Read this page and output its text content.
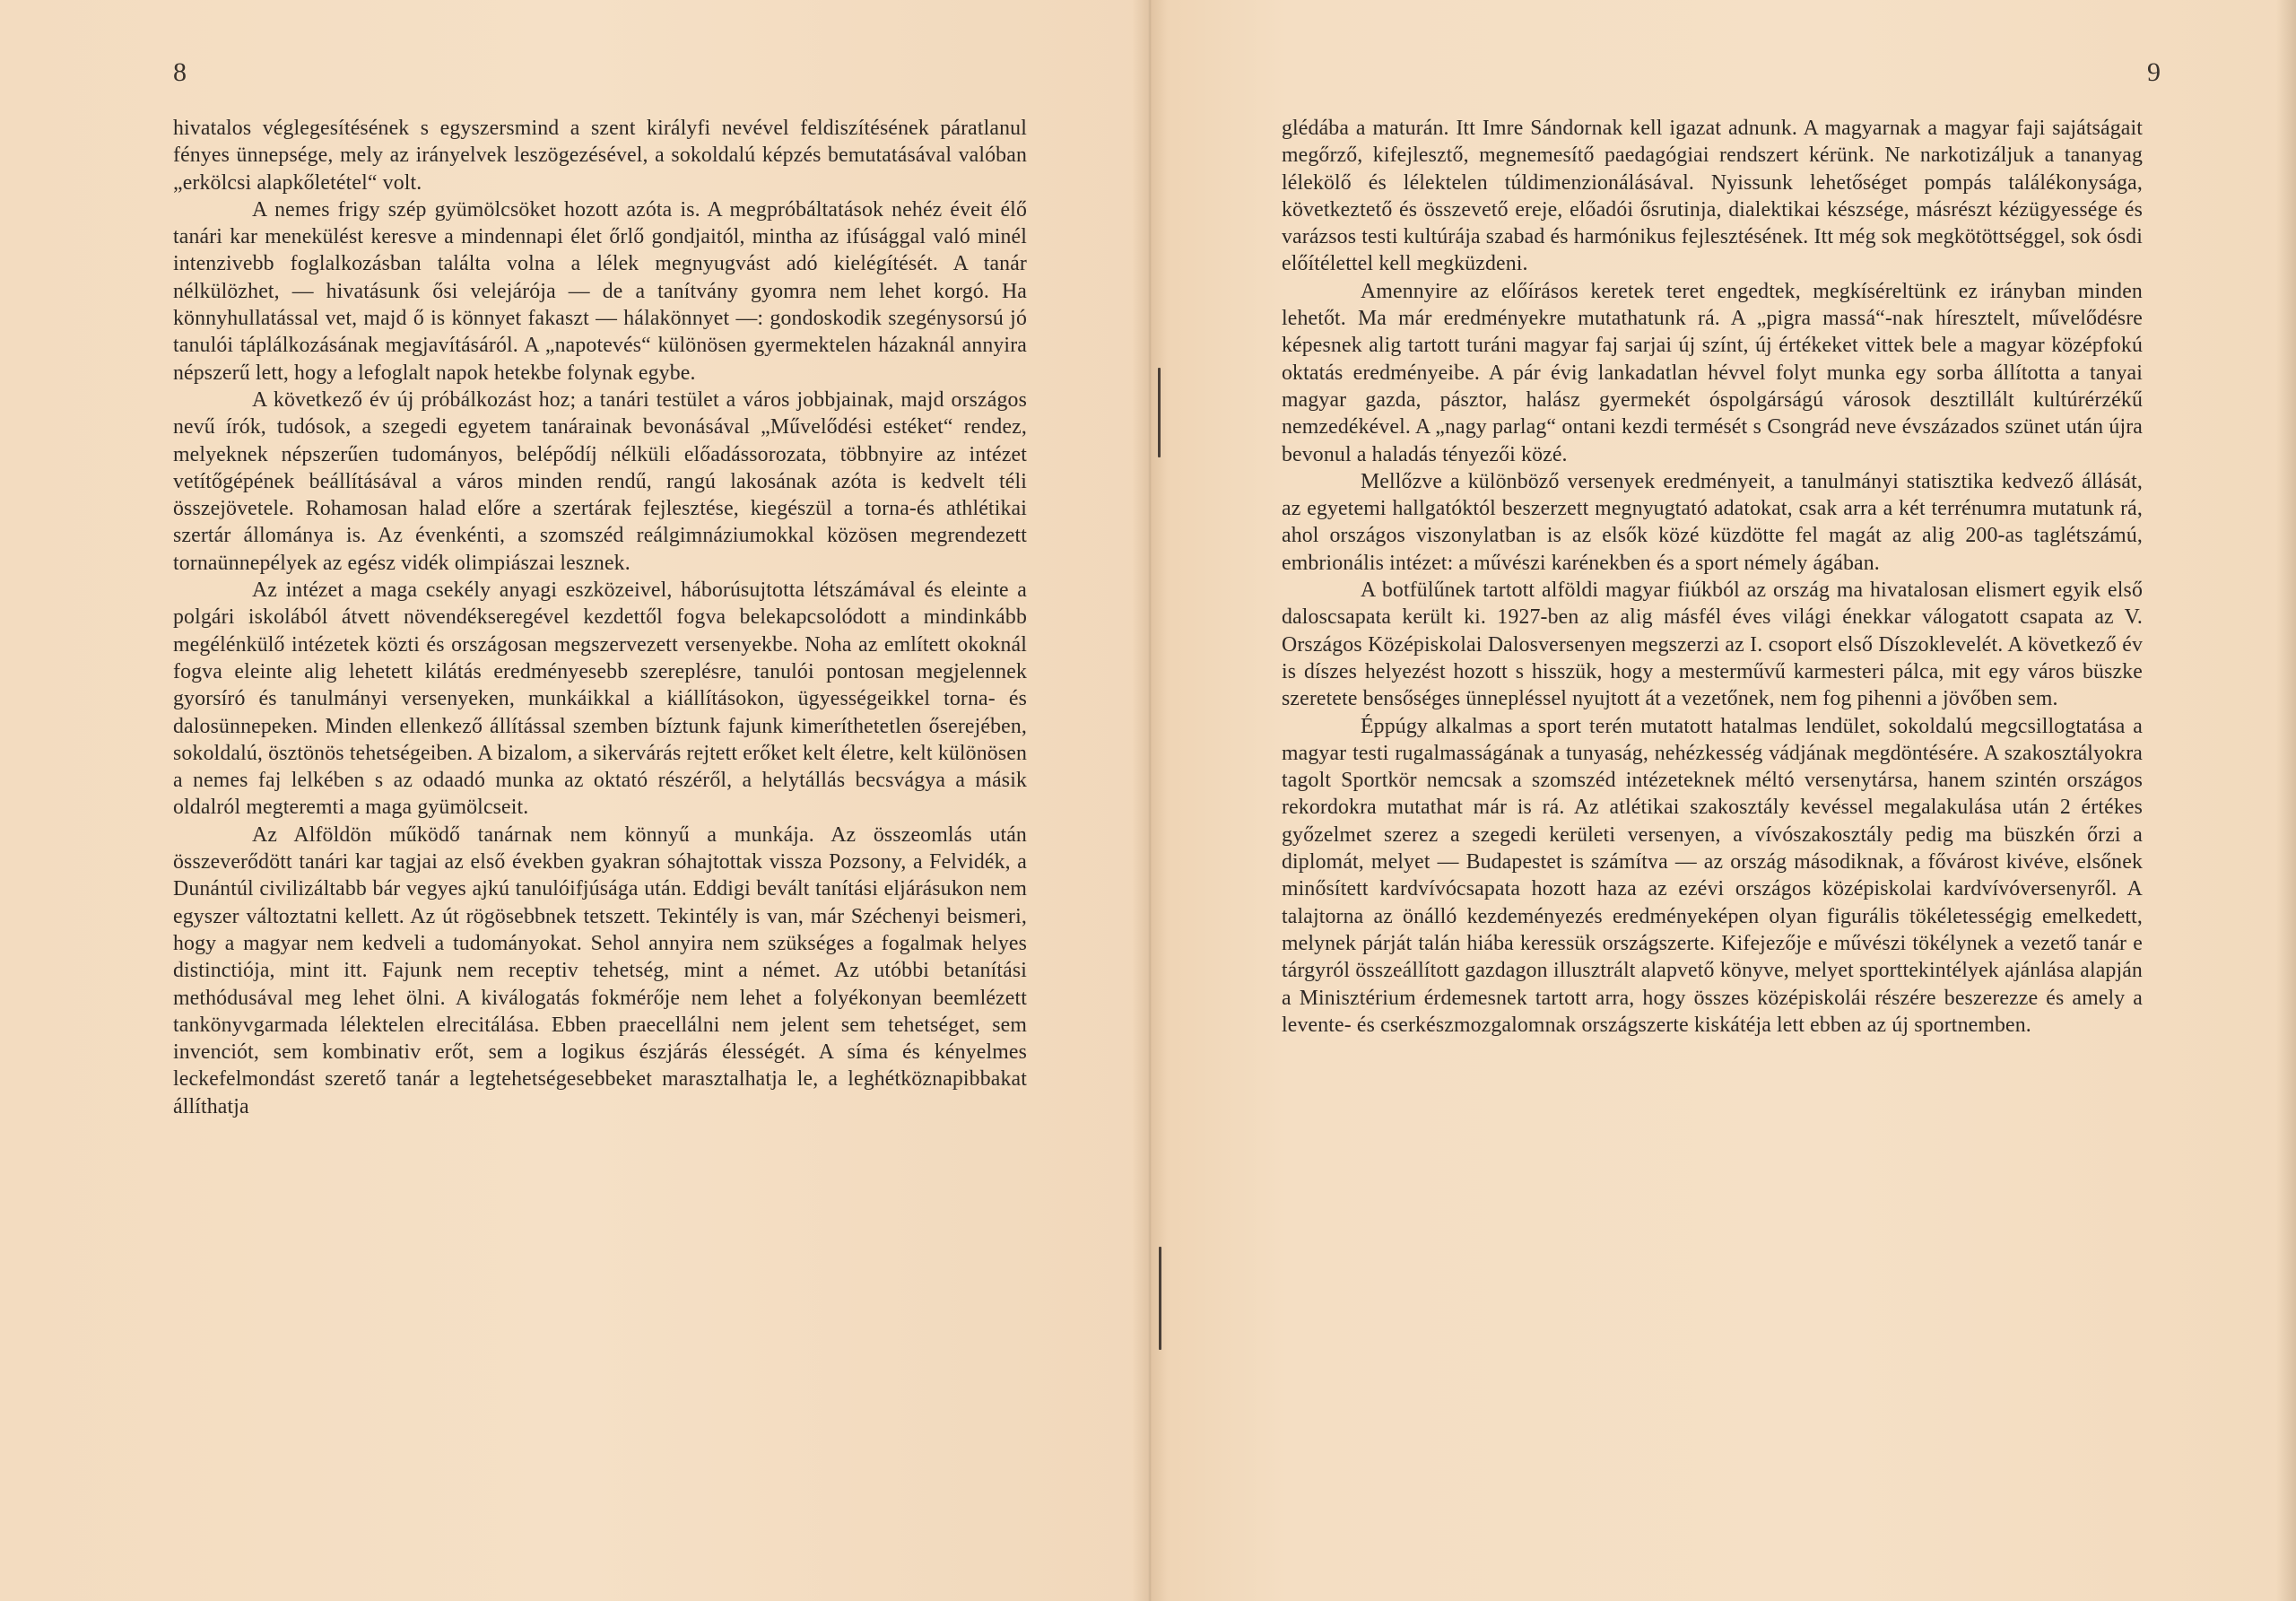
8

hivatalos véglegesítésének s egyszersmind a szent királyfi nevével feldiszítésének páratlanul fényes ünnepsége, mely az irányelvek leszögezésével, a sokoldalú képzés bemutatásával valóban „erkölcsi alapkőletétel“ volt.

A nemes frigy szép gyümölcsöket hozott azóta is. A megpróbáltatások nehéz éveit élő tanári kar menekülést keresve a mindennapi élet őrlő gondjaitól, mintha az ifúsággal való minél intenzivebb foglalkozásban találta volna a lélek megnyugvást adó kielégítését. A tanár nélkülözhet, — hivatásunk ősi velejárója — de a tanítvány gyomra nem lehet korgó. Ha könnyhullatással vet, majd ő is könnyet fakaszt — hálakönnyet —: gondoskodik szegénysorsú jó tanulói táplálkozásának megjavításáról. A „napotevés“ különösen gyermektelen házaknál annyira népszerű lett, hogy a lefoglalt napok hetekbe folynak egybe.

A következő év új próbálkozást hoz; a tanári testület a város jobbjainak, majd országos nevű írók, tudósok, a szegedi egyetem tanárainak bevonásával „Művelődési estéket“ rendez, melyeknek népszerűen tudományos, belépődíj nélküli előadássorozata, többnyire az intézet vetítőgépének beállításával a város minden rendű, rangú lakosának azóta is kedvelt téli összejövetele. Rohamosan halad előre a szertárak fejlesztése, kiegészül a torna-és athlétikai szertár állománya is. Az évenkénti, a szomszéd reálgimnáziumokkal közösen megrendezett tornaünnepélyek az egész vidék olimpiászai lesznek.

Az intézet a maga csekély anyagi eszközeivel, háborúsujtotta létszámával és eleinte a polgári iskolából átvett növendékseregével kezdettől fogva belekapcsolódott a mindinkább megélénkülő intézetek közti és országosan megszervezett versenyekbe. Noha az említett okoknál fogva eleinte alig lehetett kilátás eredményesebb szereplésre, tanulói pontosan megjelennek gyorsíró és tanulmányi versenyeken, munkáikkal a kiállításokon, ügyességeikkel torna- és dalosünnepeken. Minden ellenkező állítással szemben bíztunk fajunk kimeríthetetlen őserejében, sokoldalú, ösztönös tehetségeiben. A bizalom, a sikervárás rejtett erőket kelt életre, kelt különösen a nemes faj lelkében s az odaadó munka az oktató részéről, a helytállás becsvágya a másik oldalról megteremti a maga gyümölcseit.

Az Alföldön működő tanárnak nem könnyű a munkája. Az összeomlás után összeverődött tanári kar tagjai az első években gyakran sóhajtottak vissza Pozsony, a Felvidék, a Dunántúl civilizáltabb bár vegyes ajkú tanulóifjúsága után. Eddigi bevált tanítási eljárásukon nem egyszer változtatni kellett. Az út rögösebbnek tetszett. Tekintély is van, már Széchenyi beismeri, hogy a magyar nem kedveli a tudományokat. Sehol annyira nem szükséges a fogalmak helyes distinctiója, mint itt. Fajunk nem receptiv tehetség, mint a német. Az utóbbi betanítási methódusával meg lehet ölni. A kiválogatás fokmérője nem lehet a folyékonyan beemlézett tankönyvgarmada lélektelen elrecitálása. Ebben praecellálni nem jelent sem tehetséget, sem invenciót, sem kombinativ erőt, sem a logikus észjárás élességét. A síma és kényelmes leckefelmondást szerető tanár a legtehetségesebbeket marasztalhatja le, a leghétköznapibbakat állíthatja

9

glédába a maturán. Itt Imre Sándornak kell igazat adnunk. A magyarnak a magyar faji sajátságait megőrző, kifejlesztő, megnemesítő paedagógiai rendszert kérünk. Ne narkotizáljuk a tananyag lélekölő és lélektelen túldimenzionálásával. Nyissunk lehetőséget pompás találékonysága, következtető és összevető ereje, előadói ősrutinja, dialektikai készsége, másrészt kézügyessége és varázsos testi kultúrája szabad és harmónikus fejlesztésének. Itt még sok megkötöttséggel, sok ósdi előítélettel kell megküzdeni.

Amennyire az előírásos keretek teret engedtek, megkíséreltünk ez irányban minden lehetőt. Ma már eredményekre mutathatunk rá. A „pigra massá“-nak híresztelt, művelődésre képesnek alig tartott turáni magyar faj sarjai új színt, új értékeket vittek bele a magyar középfokú oktatás eredményeibe. A pár évig lankadatlan hévvel folyt munka egy sorba állította a tanyai magyar gazda, pásztor, halász gyermekét óspolgárságú városok desztillált kultúrérzékű nemzedékével. A „nagy parlag“ ontani kezdi termését s Csongrád neve évszázados szünet után újra bevonul a haladás tényezői közé.

Mellőzve a különböző versenyek eredményeit, a tanulmányi statisztika kedvező állását, az egyetemi hallgatóktól beszerzett megnyugtató adatokat, csak arra a két terrénumra mutatunk rá, ahol országos viszonylatban is az elsők közé küzdötte fel magát az alig 200-as taglétszámú, embrionális intézet: a művészi karénekben és a sport némely ágában.

A botfülűnek tartott alföldi magyar fiúkból az ország ma hivatalosan elismert egyik első daloscsapata került ki. 1927-ben az alig másfél éves világi énekkar válogatott csapata az V. Országos Középiskolai Dalosversenyen megszerzi az I. csoport első Díszoklevelét. A következő év is díszes helyezést hozott s hisszük, hogy a mesterművű karmesteri pálca, mit egy város büszke szeretete bensőséges ünnepléssel nyujtott át a vezetőnek, nem fog pihenni a jövőben sem.

Éppúgy alkalmas a sport terén mutatott hatalmas lendület, sokoldalú megcsillogtatása a magyar testi rugalmasságának a tunyaság, nehézkesség vádjának megdöntésére. A szakosztályokra tagolt Sportkör nemcsak a szomszéd intézeteknek méltó versenytársa, hanem szintén országos rekordokra mutathat már is rá. Az atlétikai szakosztály kevéssel megalakulása után 2 értékes győzelmet szerez a szegedi kerületi versenyen, a vívószakosztály pedig ma büszkén őrzi a diplomát, melyet — Budapestet is számítva — az ország másodiknak, a fővárost kivéve, elsőnek minősített kardvívócsapata hozott haza az ezévi országos középiskolai kardvívóversenyről. A talajtorna az önálló kezdeményezés eredményeképen olyan figurális tökéletességig emelkedett, melynek párját talán hiába keressük országszerte. Kifejezője e művészi tökélynek a vezető tanár e tárgyról összeállított gazdagon illusztrált alapvető könyve, melyet sporttekintélyek ajánlása alapján a Minisztérium érdemesnek tartott arra, hogy összes középiskolái részére beszerezze és amely a levente- és cserkészmozgalomnak országszerte kiskátéja lett ebben az új sportnemben.
